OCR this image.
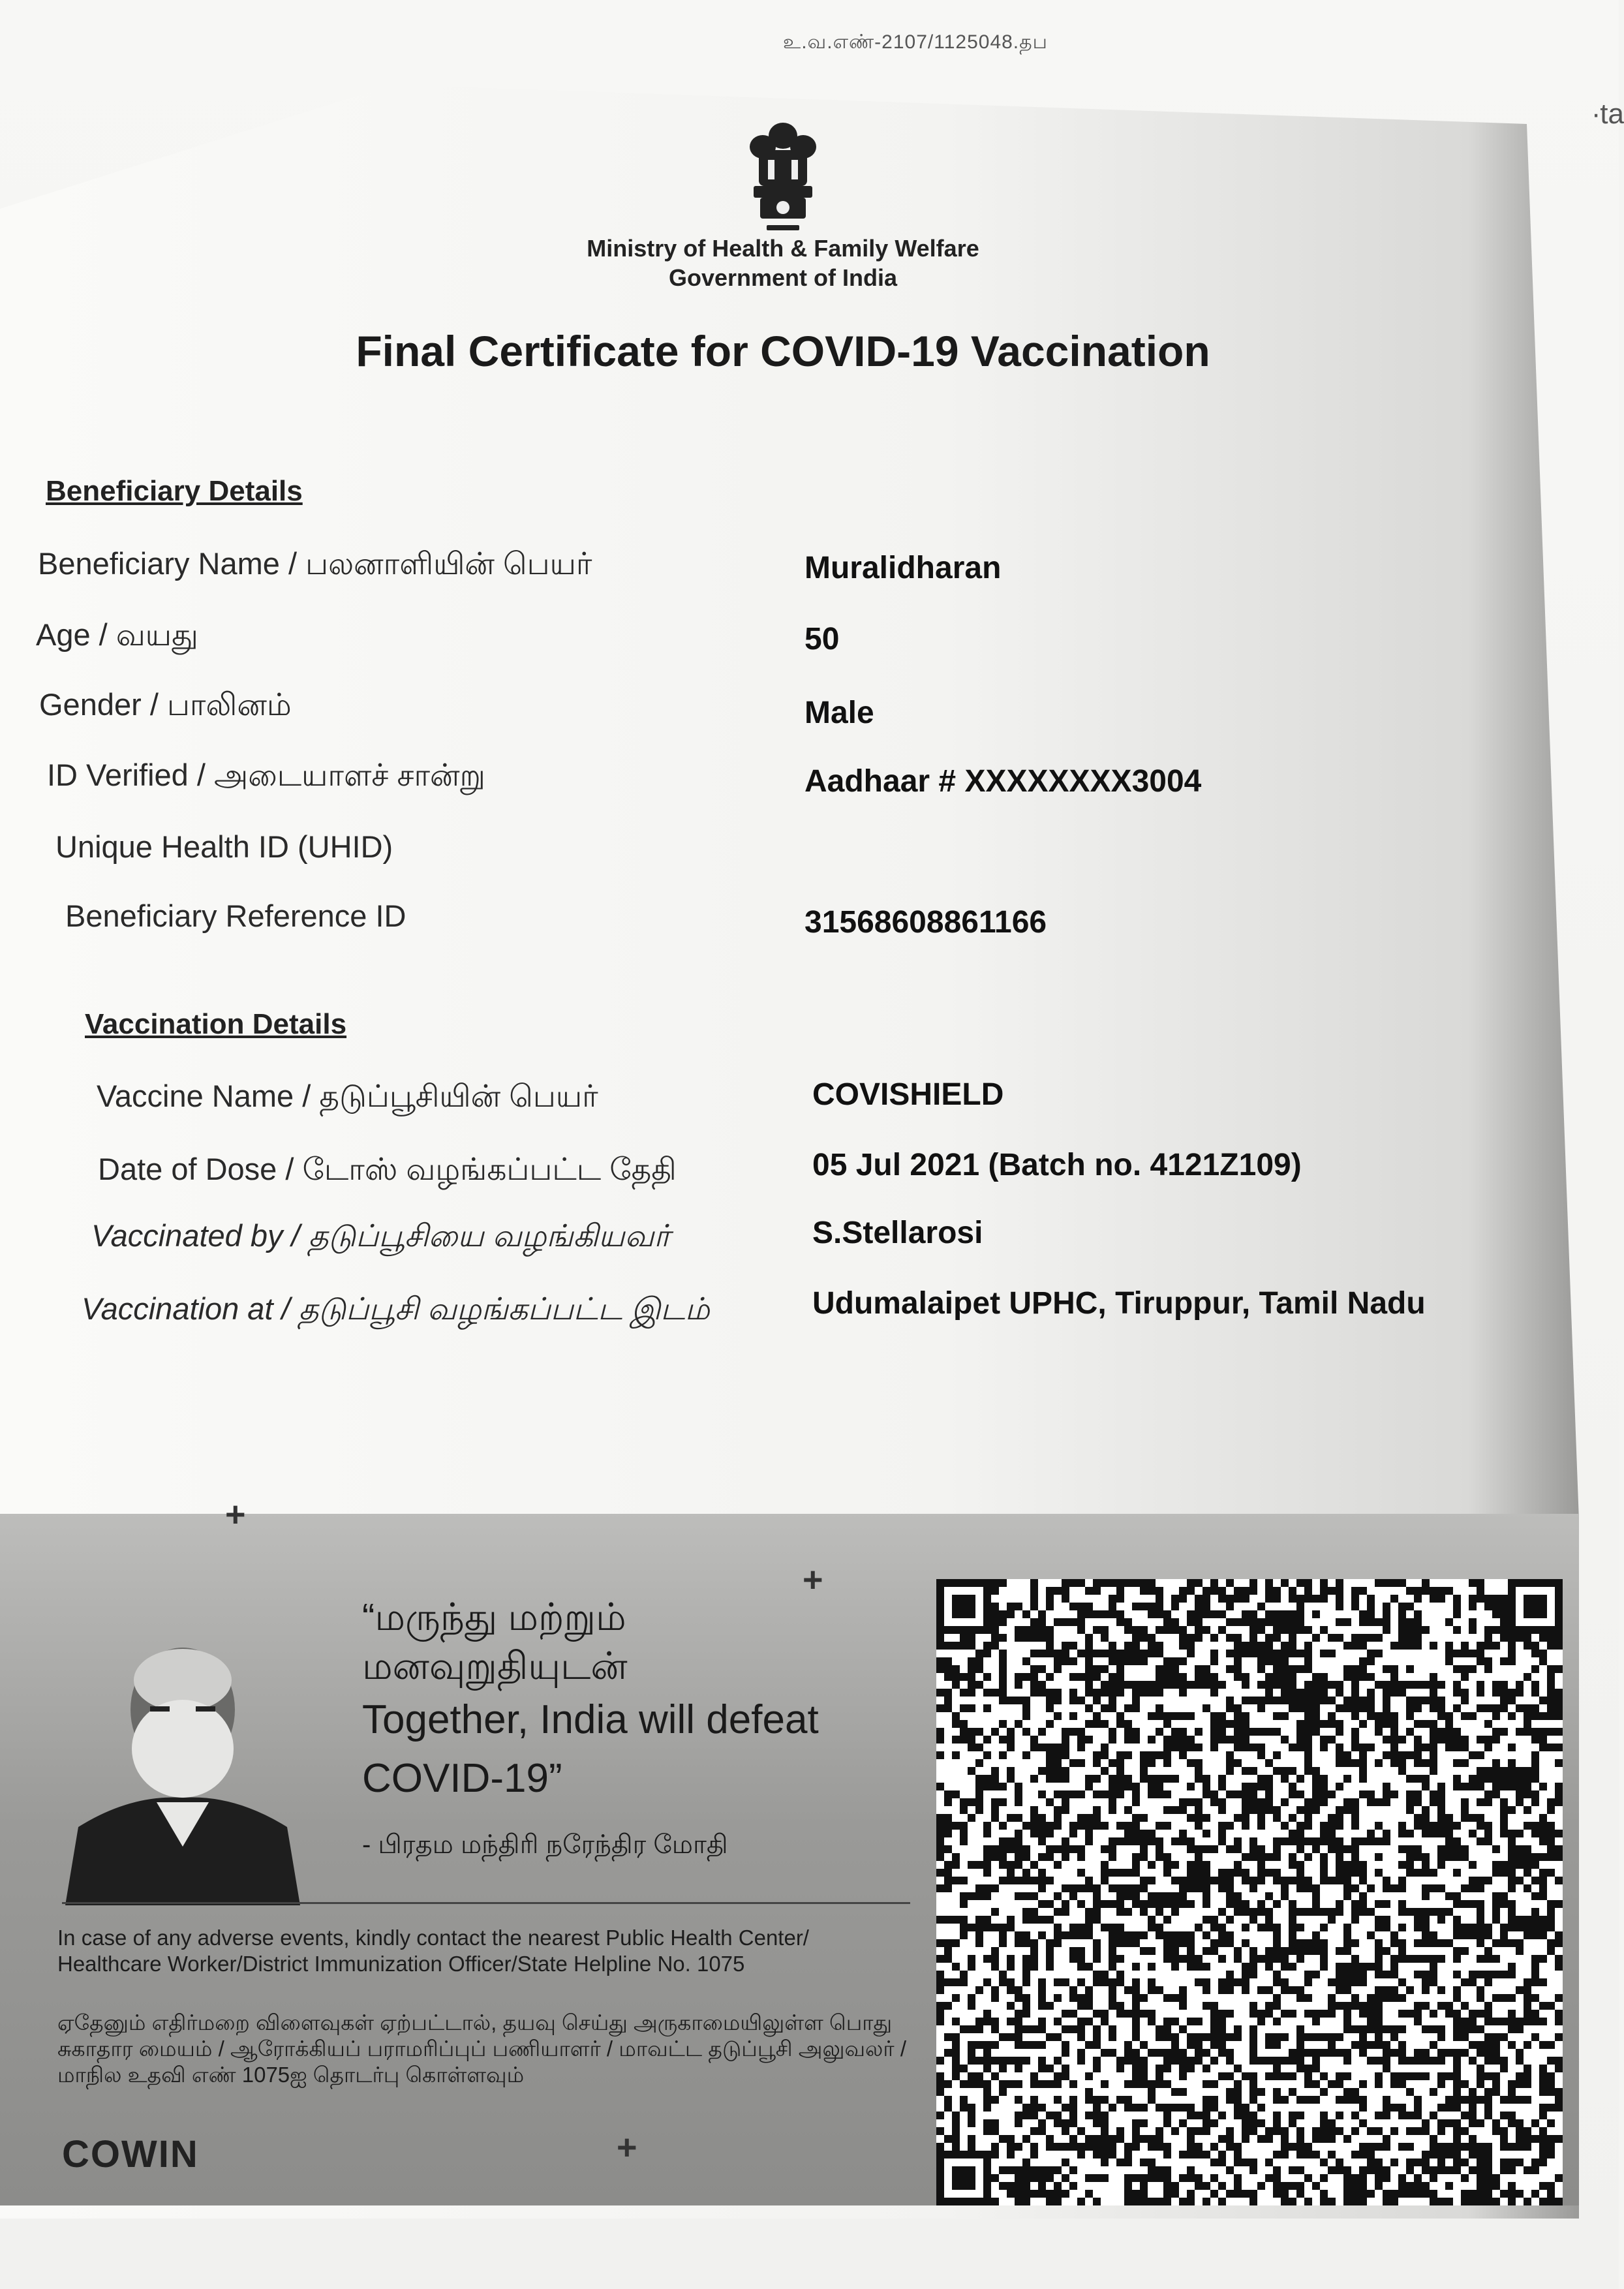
உ.வ.எண்-2107/1125048.தப
∙ta
Ministry of Health & Family Welfare
Government of India
Final Certificate for COVID-19 Vaccination
Beneficiary Details
Beneficiary Name / பலனாளியின் பெயர்	Muralidharan
Age / வயது	50
Gender / பாலினம்	Male
ID Verified / அடையாளச் சான்று	Aadhaar # XXXXXXXX3004
Unique Health ID (UHID)
Beneficiary Reference ID	31568608861166
Vaccination Details
Vaccine Name / தடுப்பூசியின் பெயர்	COVISHIELD
Date of Dose / டோஸ் வழங்கப்பட்ட தேதி	05 Jul 2021 (Batch no. 4121Z109)
Vaccinated by / தடுப்பூசியை வழங்கியவர்	S.Stellarosi
Vaccination at / தடுப்பூசி வழங்கப்பட்ட இடம்	Udumalaipet UPHC, Tiruppur, Tamil Nadu
+
+
+
“மருந்து மற்றும்
மனவுறுதியுடன்
Together, India will defeat
COVID-19”
- பிரதம மந்திரி நரேந்திர மோதி
In case of any adverse events, kindly contact the nearest Public Health Center/ Healthcare Worker/District Immunization Officer/State Helpline No. 1075
ஏதேனும் எதிர்மறை விளைவுகள் ஏற்பட்டால், தயவு செய்து அருகாமையிலுள்ள பொது சுகாதார மையம் / ஆரோக்கியப் பராமரிப்புப் பணியாளர் / மாவட்ட தடுப்பூசி அலுவலர் / மாநில உதவி எண் 1075ஐ தொடர்பு கொள்ளவும்
COWIN
